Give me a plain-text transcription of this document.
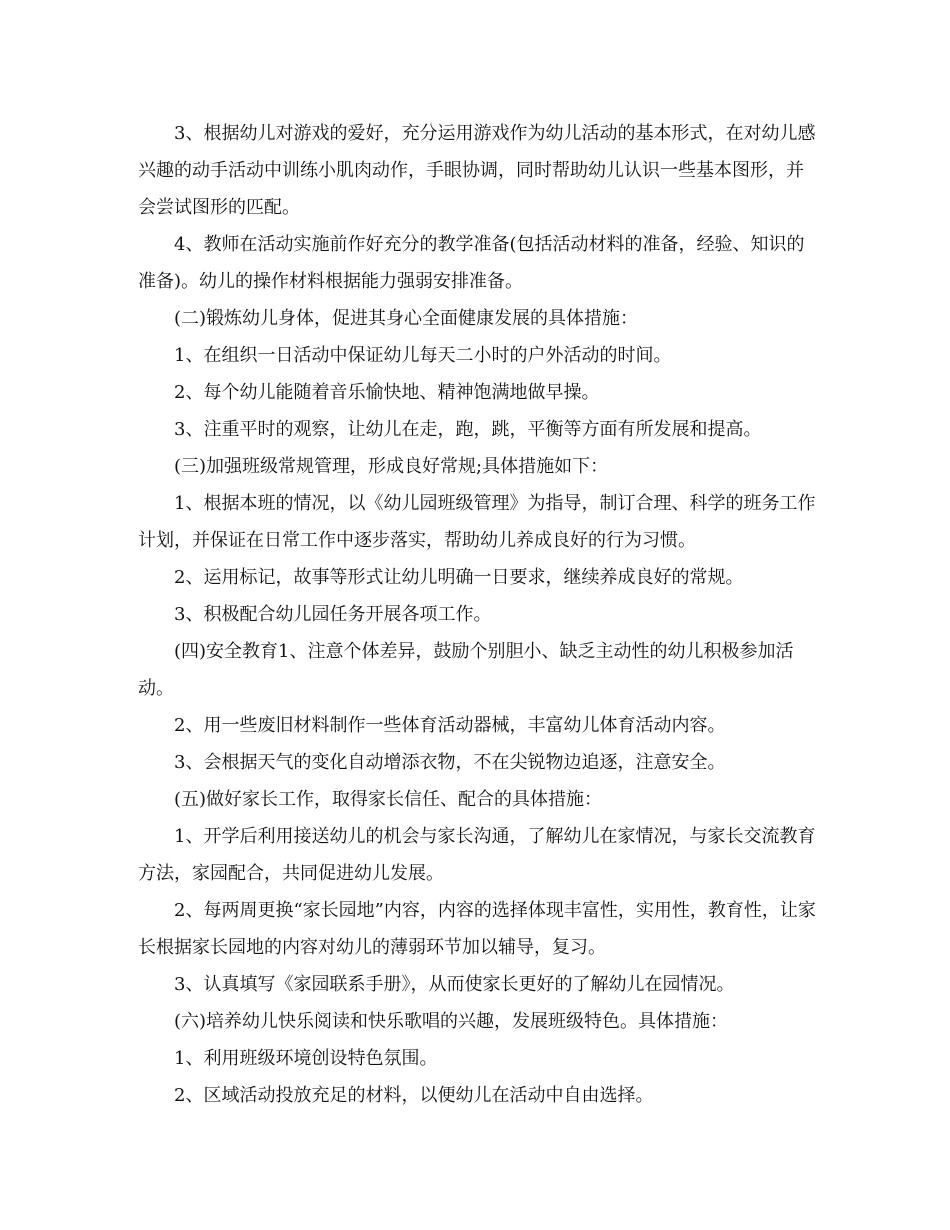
3、根据幼儿对游戏的爱好，充分运用游戏作为幼儿活动的基本形式，在对幼儿感兴趣的动手活动中训练小肌肉动作，手眼协调，同时帮助幼儿认识一些基本图形，并会尝试图形的匹配。

4、教师在活动实施前作好充分的教学准备(包括活动材料的准备，经验、知识的准备)。幼儿的操作材料根据能力强弱安排准备。

(二)锻炼幼儿身体，促进其身心全面健康发展的具体措施：

1、在组织一日活动中保证幼儿每天二小时的户外活动的时间。

2、每个幼儿能随着音乐愉快地、精神饱满地做早操。

3、注重平时的观察，让幼儿在走，跑，跳，平衡等方面有所发展和提高。

(三)加强班级常规管理，形成良好常规;具体措施如下：

1、根据本班的情况，以《幼儿园班级管理》为指导，制订合理、科学的班务工作计划，并保证在日常工作中逐步落实，帮助幼儿养成良好的行为习惯。

2、运用标记，故事等形式让幼儿明确一日要求，继续养成良好的常规。

3、积极配合幼儿园任务开展各项工作。

(四)安全教育1、注意个体差异，鼓励个别胆小、缺乏主动性的幼儿积极参加活动。

2、用一些废旧材料制作一些体育活动器械，丰富幼儿体育活动内容。

3、会根据天气的变化自动增添衣物，不在尖锐物边追逐，注意安全。

(五)做好家长工作，取得家长信任、配合的具体措施：

1、开学后利用接送幼儿的机会与家长沟通，了解幼儿在家情况，与家长交流教育方法，家园配合，共同促进幼儿发展。

2、每两周更换“家长园地”内容，内容的选择体现丰富性，实用性，教育性，让家长根据家长园地的内容对幼儿的薄弱环节加以辅导，复习。

3、认真填写《家园联系手册》，从而使家长更好的了解幼儿在园情况。

(六)培养幼儿快乐阅读和快乐歌唱的兴趣，发展班级特色。具体措施：

1、利用班级环境创设特色氛围。

2、区域活动投放充足的材料，以便幼儿在活动中自由选择。
